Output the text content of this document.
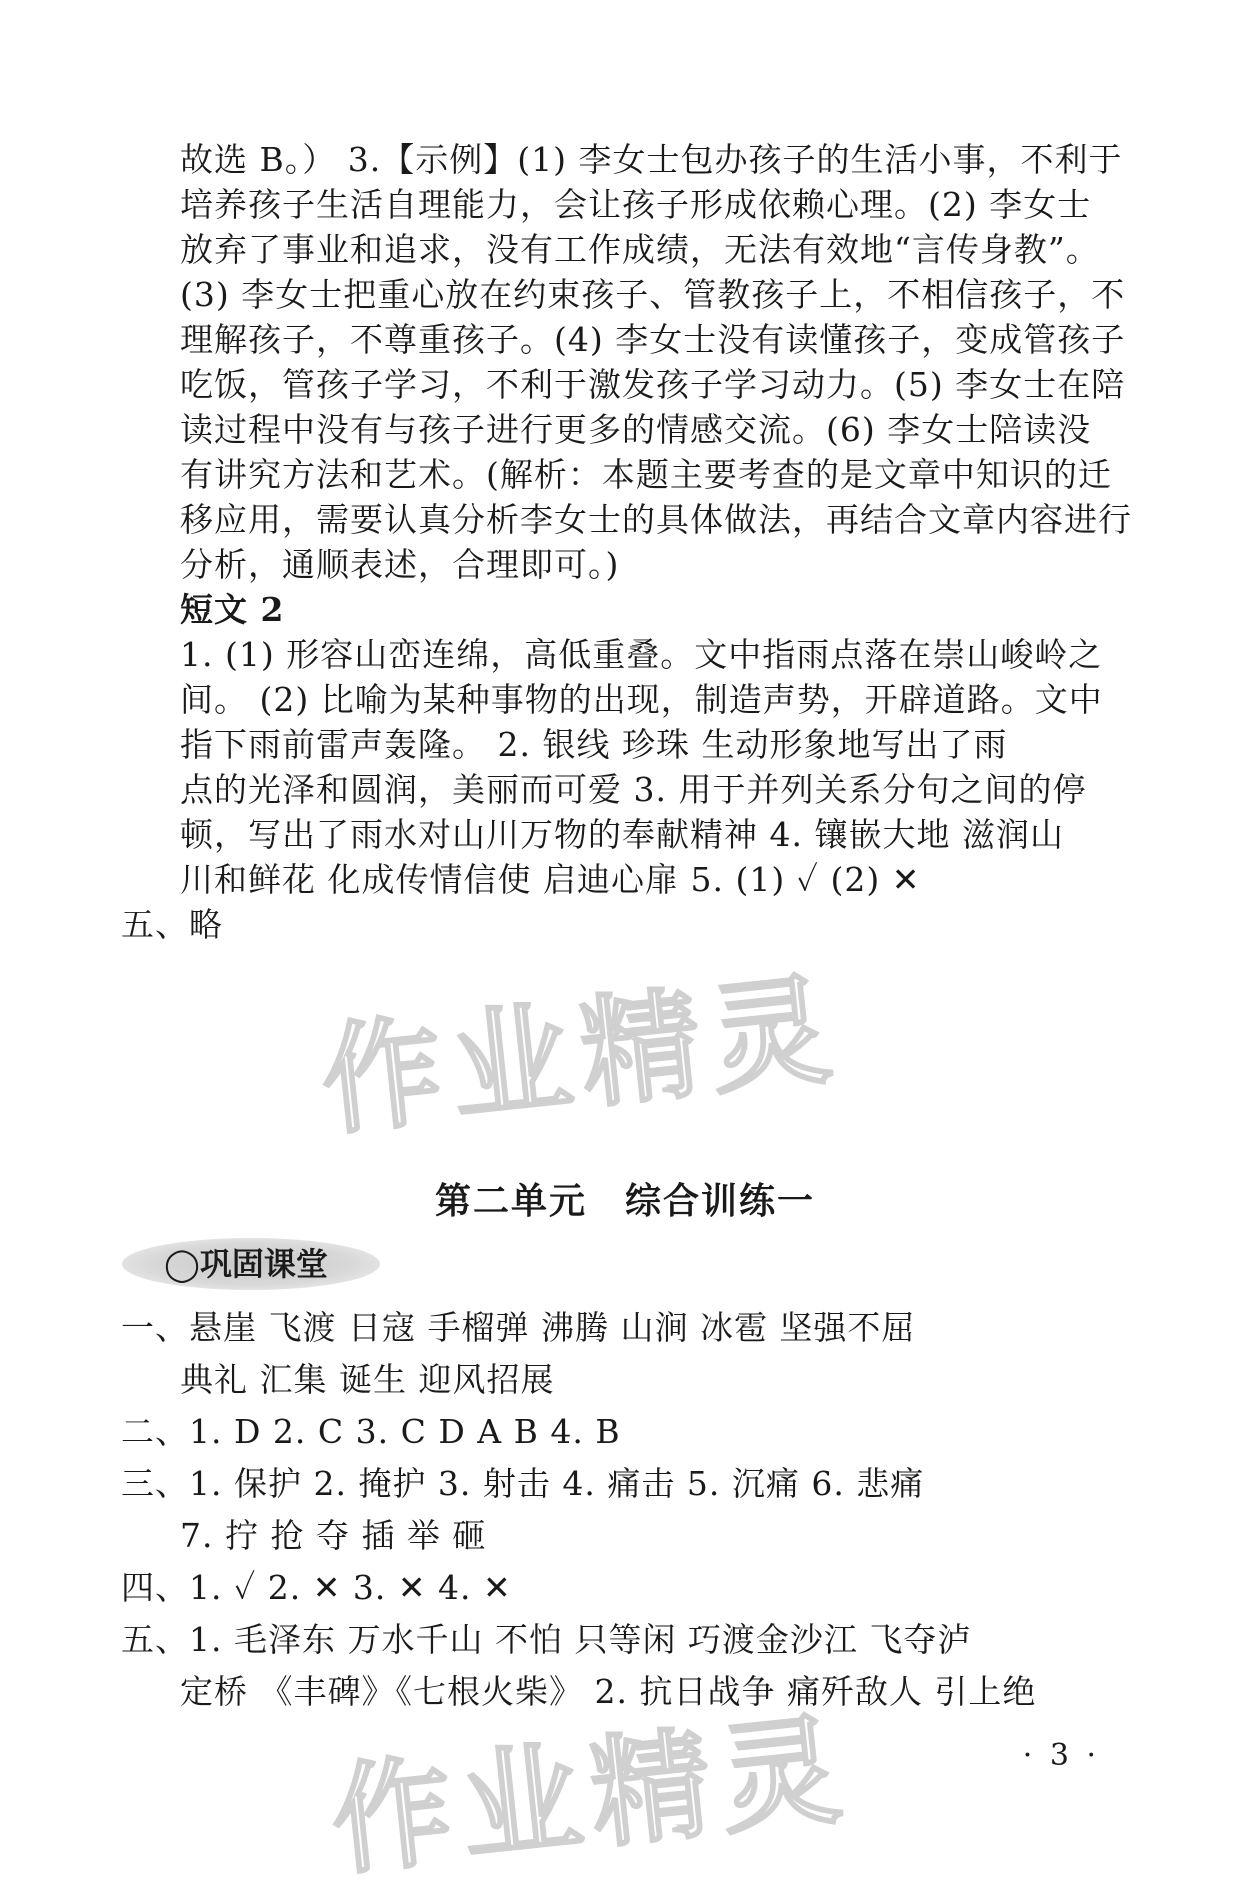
故选 B。） 3.【示例】(1) 李女士包办孩子的生活小事，不利于
培养孩子生活自理能力，会让孩子形成依赖心理。(2) 李女士
放弃了事业和追求，没有工作成绩，无法有效地“言传身教”。
(3) 李女士把重心放在约束孩子、管教孩子上，不相信孩子，不
理解孩子，不尊重孩子。(4) 李女士没有读懂孩子，变成管孩子
吃饭，管孩子学习，不利于激发孩子学习动力。(5) 李女士在陪
读过程中没有与孩子进行更多的情感交流。(6) 李女士陪读没
有讲究方法和艺术。(解析：本题主要考查的是文章中知识的迁
移应用，需要认真分析李女士的具体做法，再结合文章内容进行
分析，通顺表述，合理即可。)
短文 2
1. (1) 形容山峦连绵，高低重叠。文中指雨点落在崇山峻岭之
间。 (2) 比喻为某种事物的出现，制造声势，开辟道路。文中
指下雨前雷声轰隆。 2. 银线 珍珠 生动形象地写出了雨
点的光泽和圆润，美丽而可爱 3. 用于并列关系分句之间的停
顿，写出了雨水对山川万物的奉献精神 4. 镶嵌大地 滋润山
川和鲜花 化成传情信使 启迪心扉 5. (1) ✓ (2) ✕
五、略
第二单元　综合训练一
◯巩固课堂
一、悬崖 飞渡 日寇 手榴弹 沸腾 山涧 冰雹 坚强不屈
典礼 汇集 诞生 迎风招展
二、1. D 2. C 3. C D A B 4. B
三、1. 保护 2. 掩护 3. 射击 4. 痛击 5. 沉痛 6. 悲痛
7. 拧 抢 夺 插 举 砸
四、1. ✓ 2. ✕ 3. ✕ 4. ✕
五、1. 毛泽东 万水千山 不怕 只等闲 巧渡金沙江 飞夺泸
定桥 《丰碑》《七根火柴》 2. 抗日战争 痛歼敌人 引上绝
作业精灵
作业精灵	· 3 ·
